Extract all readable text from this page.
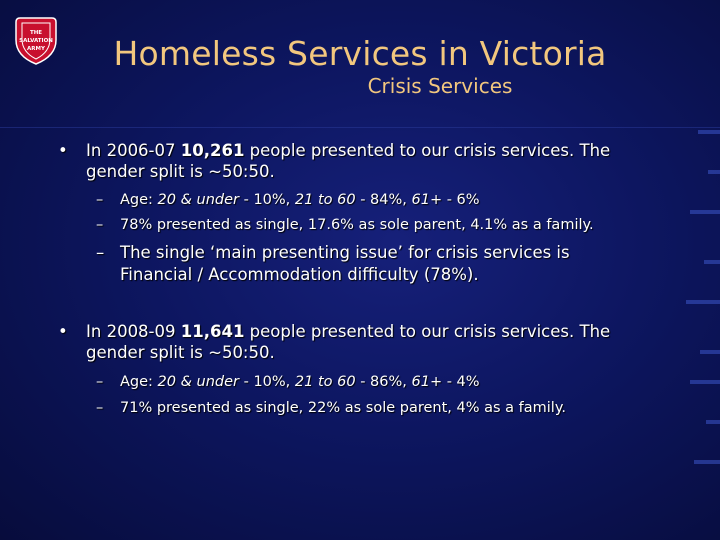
THE
SALVATION
ARMY	Homeless Services in Victoria
Crisis Services
• In 2006-07 10,261 people presented to our crisis services. The
gender split is ~50:50.
– Age: 20 & under - 10%, 21 to 60 - 84%, 61+ - 6%
– 78% presented as single, 17.6% as sole parent, 4.1% as a family.
– The single ‘main presenting issue’ for crisis services is
Financial / Accommodation difficulty (78%).
• In 2008-09 11,641 people presented to our crisis services. The
gender split is ~50:50.
– Age: 20 & under - 10%, 21 to 60 - 86%, 61+ - 4%
– 71% presented as single, 22% as sole parent, 4% as a family.
